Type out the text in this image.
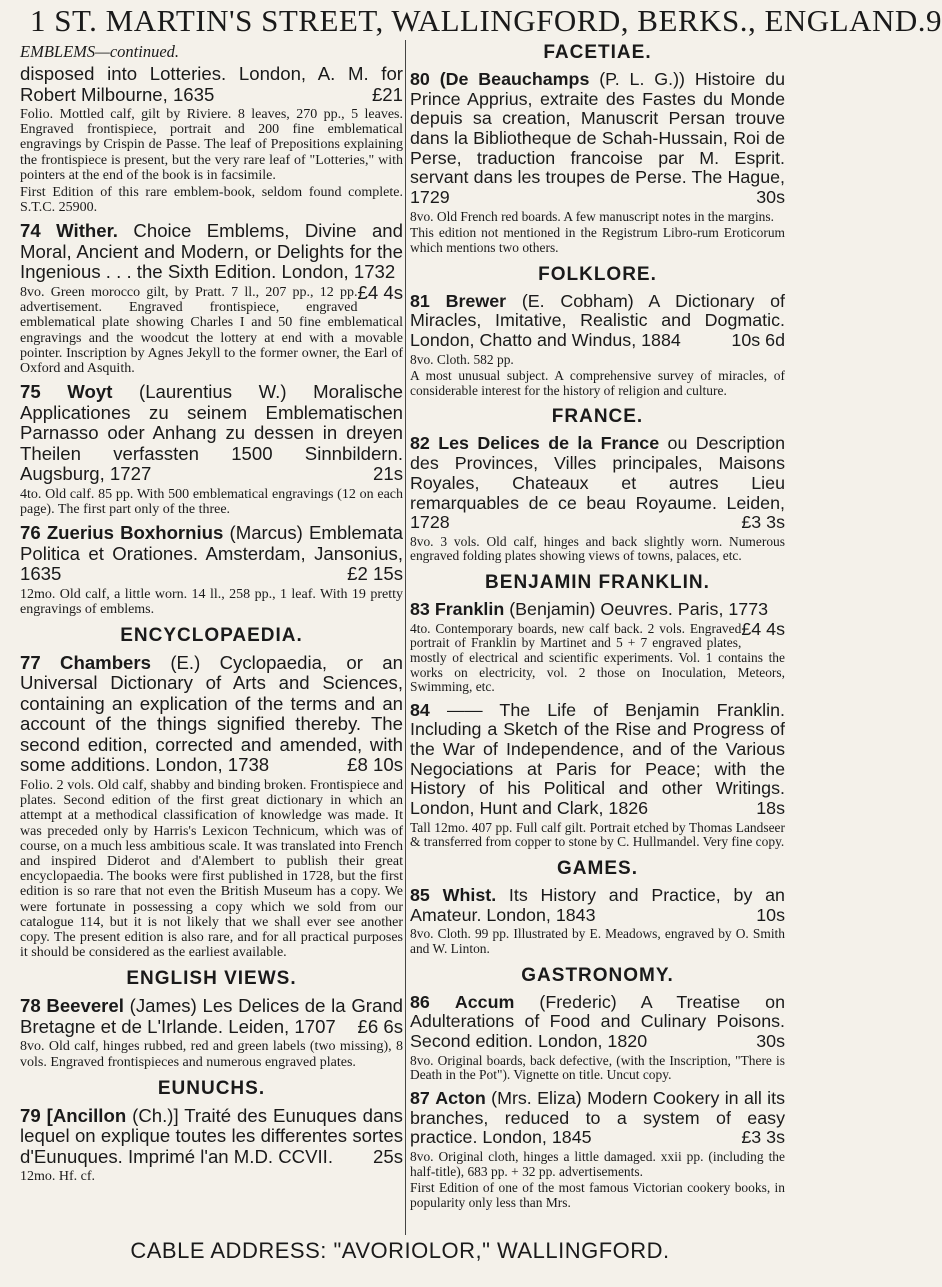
1 ST. MARTIN'S STREET, WALLINGFORD, BERKS., ENGLAND. 9
EMBLEMS—continued.

disposed into Lotteries. London, A. M. for Robert Milbourne, 1635	£21

Folio. Mottled calf, gilt by Riviere. 8 leaves, 270 pp., 5 leaves. Engraved frontispiece, portrait and 200 fine emblematical engravings by Crispin de Passe. The leaf of Prepositions explaining the frontispiece is present, but the very rare leaf of "Lotteries," with pointers at the end of the book is in facsimile.

First Edition of this rare emblem-book, seldom found complete. S.T.C. 25900.

74 Wither. Choice Emblems, Divine and Moral, Ancient and Modern, or Delights for the Ingenious . . . the Sixth Edition. London, 1732
£4 4s

8vo. Green morocco gilt, by Pratt. 7 ll., 207 pp., 12 pp. advertisement. Engraved frontispiece, engraved emblematical plate showing Charles I and 50 fine emblematical engravings and the woodcut the lottery at end with a movable pointer. Inscription by Agnes Jekyll to the former owner, the Earl of Oxford and Asquith.

75 Woyt (Laurentius W.) Moralische Applicationes zu seinem Emblematischen Parnasso oder Anhang zu dessen in dreyen Theilen verfassten 1500 Sinnbildern. Augsburg, 1727	21s

4to. Old calf. 85 pp. With 500 emblematical engravings (12 on each page). The first part only of the three.

76 Zuerius Boxhornius (Marcus) Emblemata Politica et Orationes. Amsterdam, Jansonius, 1635	£2 15s

12mo. Old calf, a little worn. 14 ll., 258 pp., 1 leaf. With 19 pretty engravings of emblems.

ENCYCLOPAEDIA.

77 Chambers (E.) Cyclopaedia, or an Universal Dictionary of Arts and Sciences, containing an explication of the terms and an account of the things signified thereby. The second edition, corrected and amended, with some additions. London, 1738	£8 10s

Folio. 2 vols. Old calf, shabby and binding broken. Frontispiece and plates. Second edition of the first great dictionary in which an attempt at a methodical classification of knowledge was made. It was preceded only by Harris's Lexicon Technicum, which was of course, on a much less ambitious scale. It was translated into French and inspired Diderot and d'Alembert to publish their great encyclopaedia. The books were first published in 1728, but the first edition is so rare that not even the British Museum has a copy. We were fortunate in possessing a copy which we sold from our catalogue 114, but it is not likely that we shall ever see another copy. The present edition is also rare, and for all practical purposes it should be considered as the earliest available.

ENGLISH VIEWS.

78 Beeverel (James) Les Delices de la Grand Bretagne et de L'Irlande. Leiden, 1707 £6 6s

8vo. Old calf, hinges rubbed, red and green labels (two missing), 8 vols. Engraved frontispieces and numerous engraved plates.

EUNUCHS.

79 [Ancillon (Ch.)] Traité des Eunuques dans lequel on explique toutes les differentes sortes d'Eunuques. Imprimé l'an M.D. CCVII. 25s

12mo. Hf. cf.

FACETIAE.

80 (De Beauchamps (P. L. G.)) Histoire du Prince Apprius, extraite des Fastes du Monde depuis sa creation, Manuscrit Persan trouve dans la Bibliotheque de Schah-Hussain, Roi de Perse, traduction francoise par M. Esprit. servant dans les troupes de Perse. The Hague, 1729	30s

8vo. Old French red boards. A few manuscript notes in the margins.

This edition not mentioned in the Registrum Libro-rum Eroticorum which mentions two others.

FOLKLORE.

81 Brewer (E. Cobham) A Dictionary of Miracles, Imitative, Realistic and Dogmatic. London, Chatto and Windus, 1884	10s 6d

8vo. Cloth. 582 pp.

A most unusual subject. A comprehensive survey of miracles, of considerable interest for the history of religion and culture.

FRANCE.

82 Les Delices de la France ou Description des Provinces, Villes principales, Maisons Royales, Chateaux et autres Lieu remarquables de ce beau Royaume. Leiden, 1728	£3 3s

8vo. 3 vols. Old calf, hinges and back slightly worn. Numerous engraved folding plates showing views of towns, palaces, etc.

BENJAMIN FRANKLIN.

83 Franklin (Benjamin) Oeuvres. Paris, 1773
£4 4s

4to. Contemporary boards, new calf back. 2 vols. Engraved portrait of Franklin by Martinet and 5 + 7 engraved plates, mostly of electrical and scientific experiments. Vol. 1 contains the works on electricity, vol. 2 those on Inoculation, Meteors, Swimming, etc.

84 —— The Life of Benjamin Franklin. Including a Sketch of the Rise and Progress of the War of Independence, and of the Various Negociations at Paris for Peace; with the History of his Political and other Writings. London, Hunt and Clark, 1826	18s

Tall 12mo. 407 pp. Full calf gilt. Portrait etched by Thomas Landseer & transferred from copper to stone by C. Hullmandel. Very fine copy.

GAMES.

85 Whist. Its History and Practice, by an Amateur. London, 1843	10s

8vo. Cloth. 99 pp. Illustrated by E. Meadows, engraved by O. Smith and W. Linton.

GASTRONOMY.

86 Accum (Frederic) A Treatise on Adulterations of Food and Culinary Poisons. Second edition. London, 1820	30s

8vo. Original boards, back defective, (with the Inscription, "There is Death in the Pot"). Vignette on title. Uncut copy.

87 Acton (Mrs. Eliza) Modern Cookery in all its branches, reduced to a system of easy practice. London, 1845	£3 3s

8vo. Original cloth, hinges a little damaged. xxii pp. (including the half-title), 683 pp. + 32 pp. advertisements.

First Edition of one of the most famous Victorian cookery books, in popularity only less than Mrs.

CABLE ADDRESS: "AVORIOLOR," WALLINGFORD.
